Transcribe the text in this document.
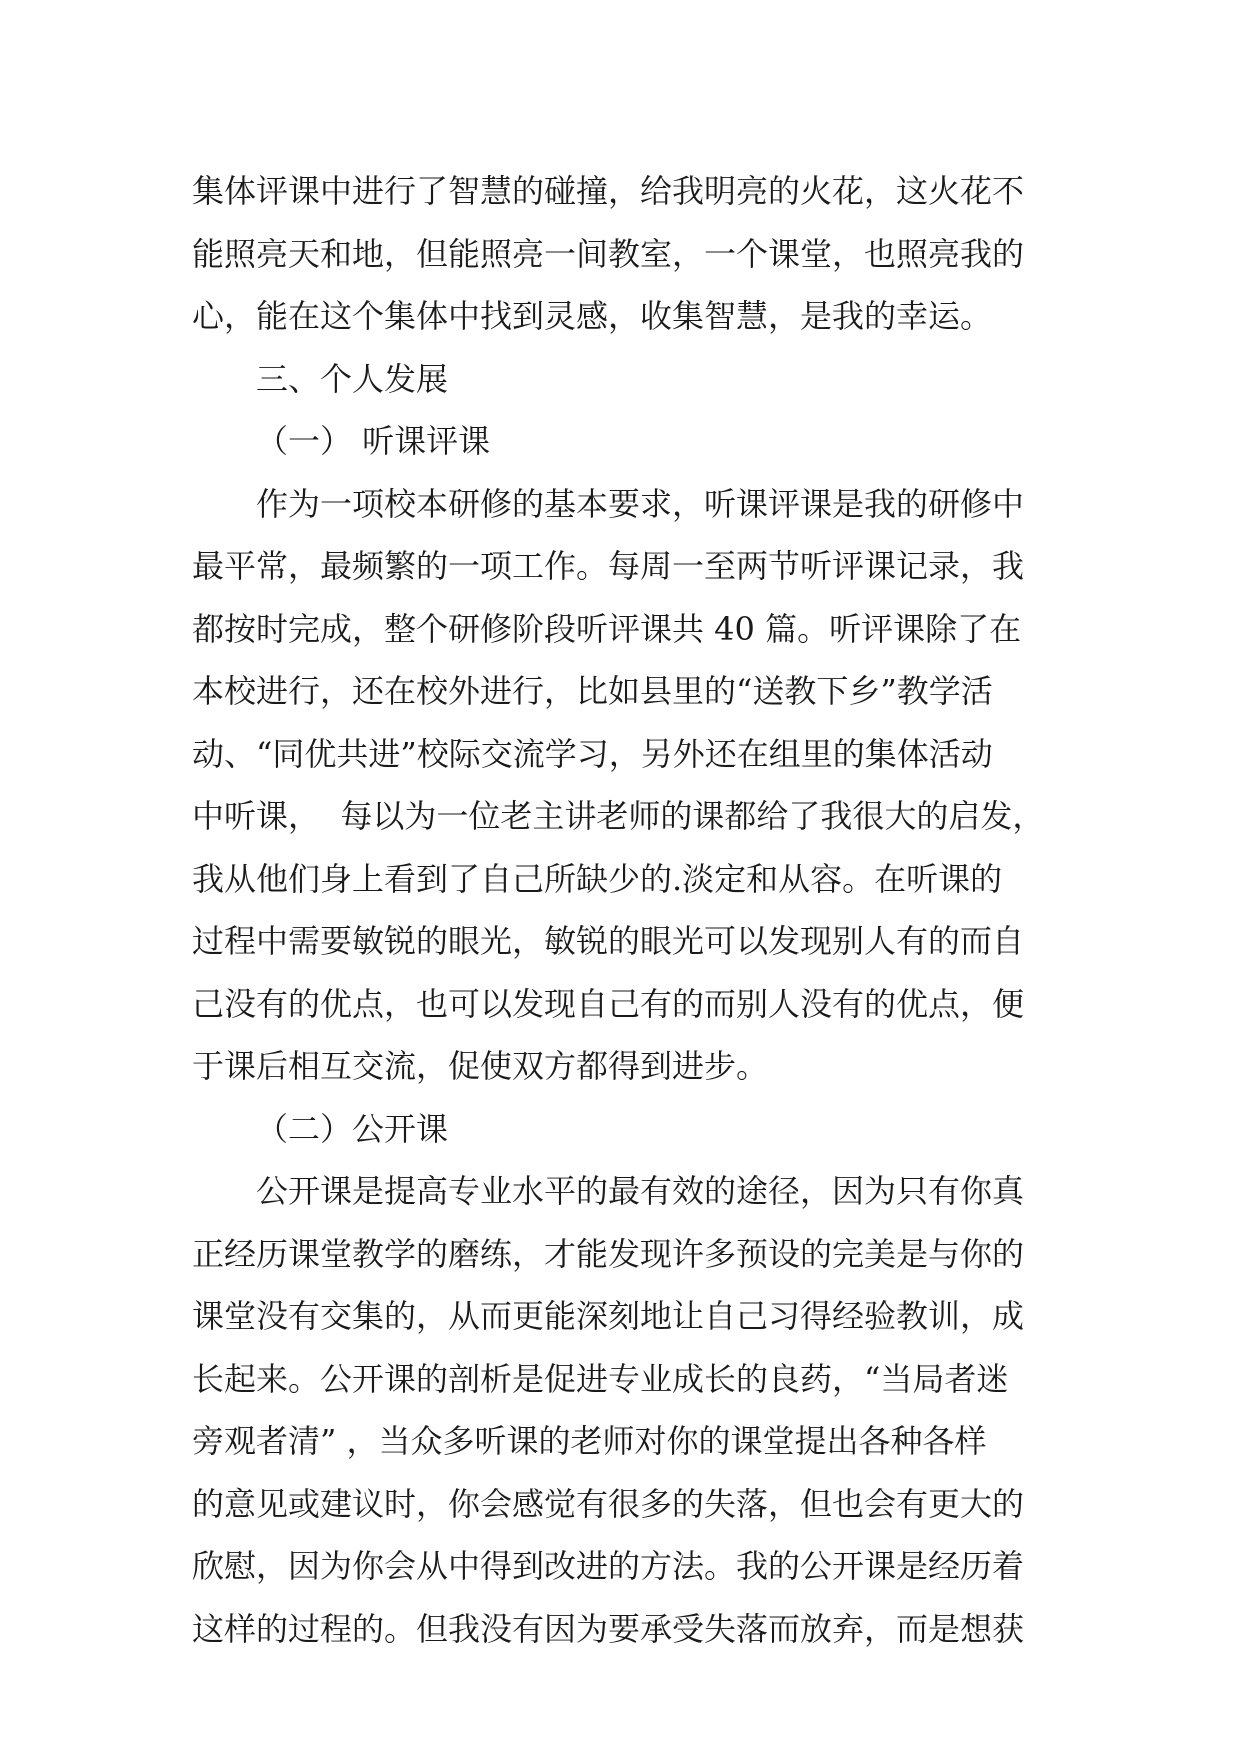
集体评课中进行了智慧的碰撞，给我明亮的火花，这火花不
能照亮天和地，但能照亮一间教室，一个课堂，也照亮我的
心，能在这个集体中找到灵感，收集智慧，是我的幸运。
三、个人发展
（一） 听课评课
作为一项校本研修的基本要求，听课评课是我的研修中
最平常，最频繁的一项工作。每周一至两节听评课记录，我
都按时完成，整个研修阶段听评课共 40 篇。听评课除了在
本校进行，还在校外进行，比如县里的“送教下乡”教学活
动、“同优共进”校际交流学习，另外还在组里的集体活动
中听课，  每以为一位老主讲老师的课都给了我很大的启发，
我从他们身上看到了自己所缺少的.淡定和从容。在听课的
过程中需要敏锐的眼光，敏锐的眼光可以发现别人有的而自
己没有的优点，也可以发现自己有的而别人没有的优点，便
于课后相互交流，促使双方都得到进步。
（二）公开课
公开课是提高专业水平的最有效的途径，因为只有你真
正经历课堂教学的磨练，才能发现许多预设的完美是与你的
课堂没有交集的，从而更能深刻地让自己习得经验教训，成
长起来。公开课的剖析是促进专业成长的良药，“当局者迷
旁观者清” ，当众多听课的老师对你的课堂提出各种各样
的意见或建议时，你会感觉有很多的失落，但也会有更大的
欣慰，因为你会从中得到改进的方法。我的公开课是经历着
这样的过程的。但我没有因为要承受失落而放弃，而是想获
